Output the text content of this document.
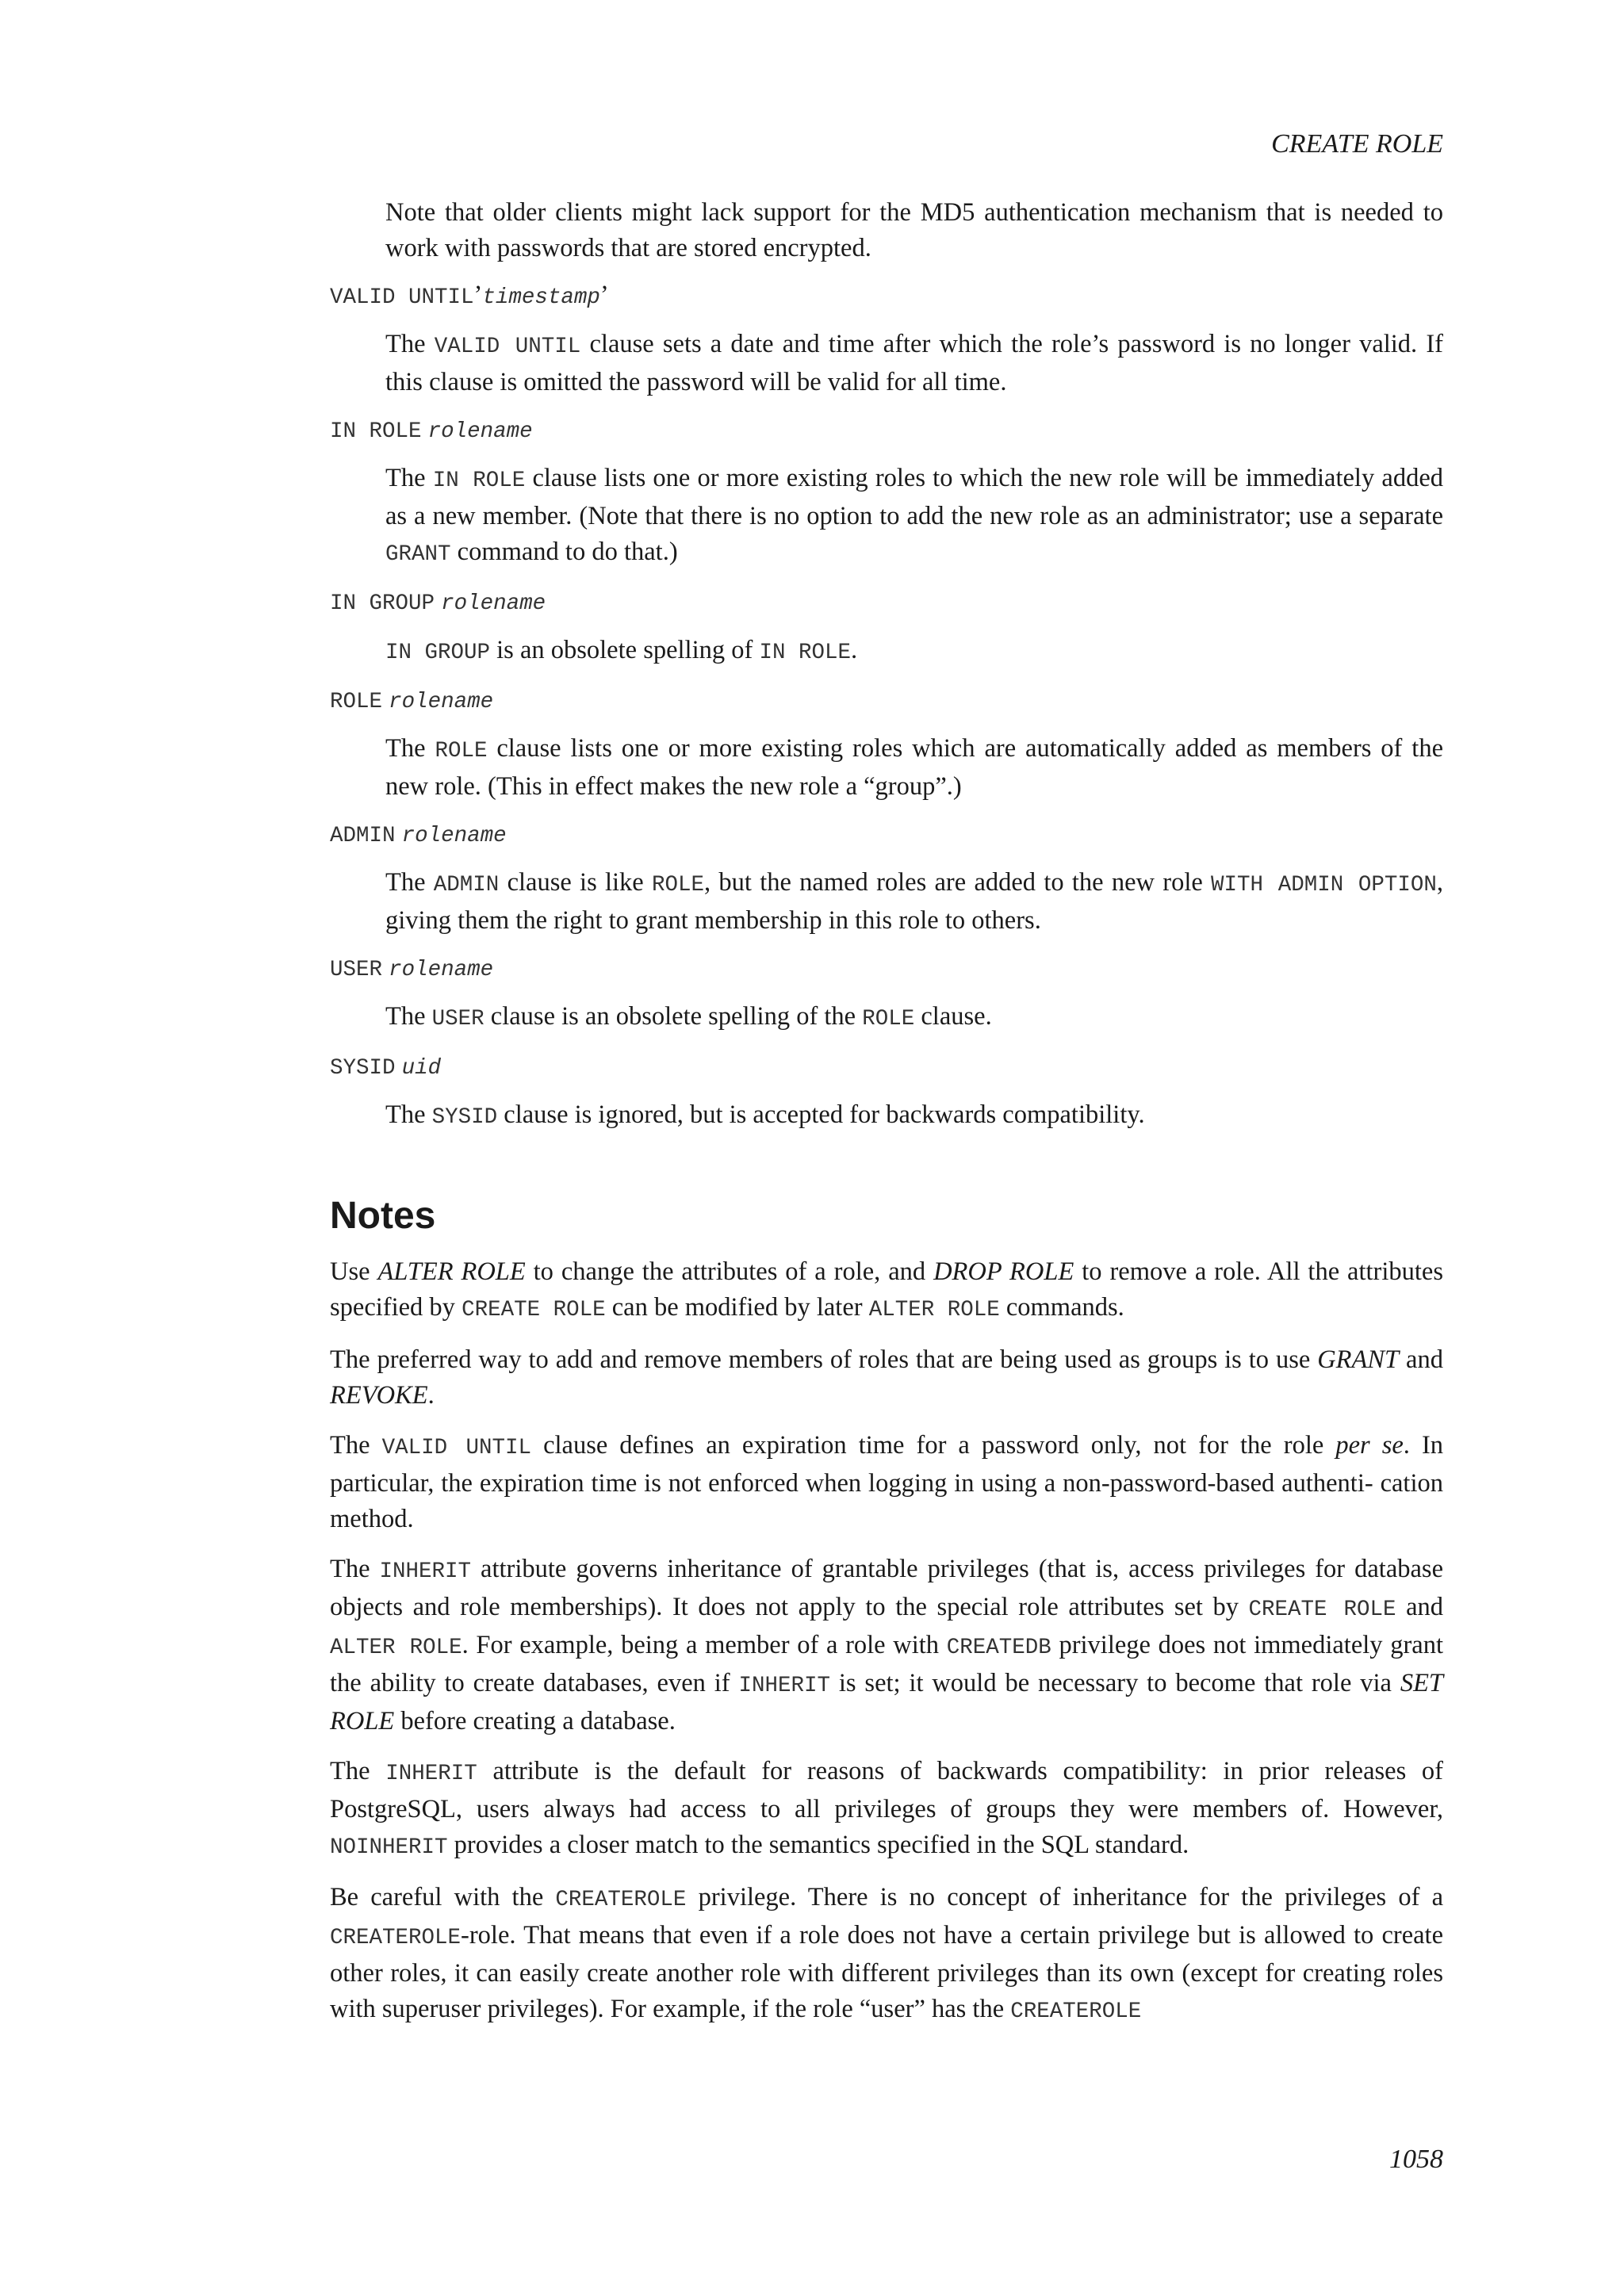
CREATE ROLE

Note that older clients might lack support for the MD5 authentication mechanism that is needed to work with passwords that are stored encrypted.

VALID UNTIL’timestamp’

The VALID UNTIL clause sets a date and time after which the role’s password is no longer valid. If this clause is omitted the password will be valid for all time.

IN ROLE rolename

The IN ROLE clause lists one or more existing roles to which the new role will be immediately added as a new member. (Note that there is no option to add the new role as an administrator; use a separate GRANT command to do that.)

IN GROUP rolename

IN GROUP is an obsolete spelling of IN ROLE.

ROLE rolename

The ROLE clause lists one or more existing roles which are automatically added as members of the new role. (This in effect makes the new role a “group”.)

ADMIN rolename

The ADMIN clause is like ROLE, but the named roles are added to the new role WITH ADMIN OPTION, giving them the right to grant membership in this role to others.

USER rolename

The USER clause is an obsolete spelling of the ROLE clause.

SYSID uid

The SYSID clause is ignored, but is accepted for backwards compatibility.

Notes

Use ALTER ROLE to change the attributes of a role, and DROP ROLE to remove a role. All the attributes specified by CREATE ROLE can be modified by later ALTER ROLE commands.

The preferred way to add and remove members of roles that are being used as groups is to use GRANT and REVOKE.

The VALID UNTIL clause defines an expiration time for a password only, not for the role per se. In particular, the expiration time is not enforced when logging in using a non-password-based authenti- cation method.

The INHERIT attribute governs inheritance of grantable privileges (that is, access privileges for database objects and role memberships). It does not apply to the special role attributes set by CREATE ROLE and ALTER ROLE. For example, being a member of a role with CREATEDB privilege does not immediately grant the ability to create databases, even if INHERIT is set; it would be necessary to become that role via SET ROLE before creating a database.

The INHERIT attribute is the default for reasons of backwards compatibility: in prior releases of PostgreSQL, users always had access to all privileges of groups they were members of. However, NOINHERIT provides a closer match to the semantics specified in the SQL standard.

Be careful with the CREATEROLE privilege. There is no concept of inheritance for the privileges of a CREATEROLE-role. That means that even if a role does not have a certain privilege but is allowed to create other roles, it can easily create another role with different privileges than its own (except for creating roles with superuser privileges). For example, if the role “user” has the CREATEROLE

1058
